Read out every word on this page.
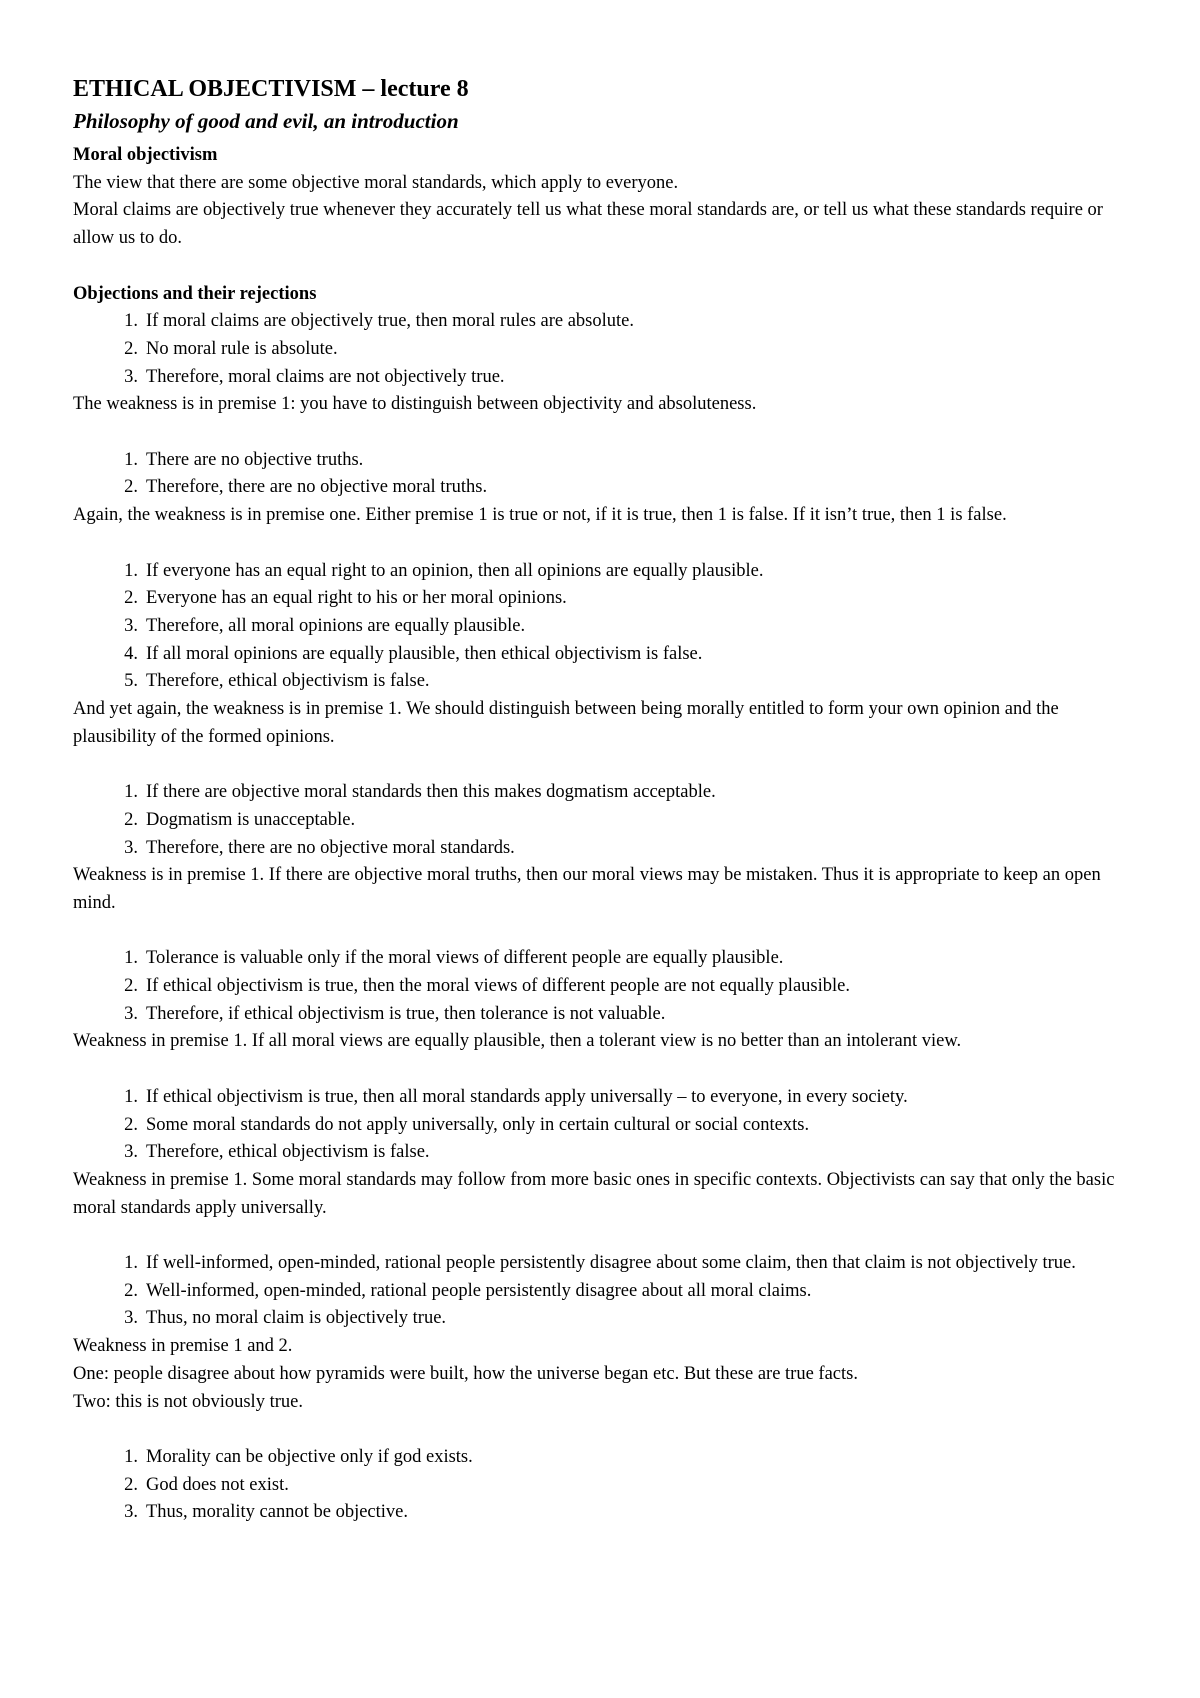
ETHICAL OBJECTIVISM – lecture 8

Philosophy of good and evil, an introduction

Moral objectivism

The view that there are some objective moral standards, which apply to everyone.

Moral claims are objectively true whenever they accurately tell us what these moral standards are, or tell us what these standards require or allow us to do.

Objections and their rejections

1. If moral claims are objectively true, then moral rules are absolute.
2. No moral rule is absolute.
3. Therefore, moral claims are not objectively true.

The weakness is in premise 1: you have to distinguish between objectivity and absoluteness.

1. There are no objective truths.
2. Therefore, there are no objective moral truths.

Again, the weakness is in premise one. Either premise 1 is true or not, if it is true, then 1 is false. If it isn’t true, then 1 is false.

1. If everyone has an equal right to an opinion, then all opinions are equally plausible.
2. Everyone has an equal right to his or her moral opinions.
3. Therefore, all moral opinions are equally plausible.
4. If all moral opinions are equally plausible, then ethical objectivism is false.
5. Therefore, ethical objectivism is false.

And yet again, the weakness is in premise 1. We should distinguish between being morally entitled to form your own opinion and the plausibility of the formed opinions.

1. If there are objective moral standards then this makes dogmatism acceptable.
2. Dogmatism is unacceptable.
3. Therefore, there are no objective moral standards.

Weakness is in premise 1. If there are objective moral truths, then our moral views may be mistaken. Thus it is appropriate to keep an open mind.

1. Tolerance is valuable only if the moral views of different people are equally plausible.
2. If ethical objectivism is true, then the moral views of different people are not equally plausible.
3. Therefore, if ethical objectivism is true, then tolerance is not valuable.

Weakness in premise 1. If all moral views are equally plausible, then a tolerant view is no better than an intolerant view.

1. If ethical objectivism is true, then all moral standards apply universally – to everyone, in every society.
2. Some moral standards do not apply universally, only in certain cultural or social contexts.
3. Therefore, ethical objectivism is false.

Weakness in premise 1. Some moral standards may follow from more basic ones in specific contexts. Objectivists can say that only the basic moral standards apply universally.

1. If well-informed, open-minded, rational people persistently disagree about some claim, then that claim is not objectively true.
2. Well-informed, open-minded, rational people persistently disagree about all moral claims.
3. Thus, no moral claim is objectively true.

Weakness in premise 1 and 2.

One: people disagree about how pyramids were built, how the universe began etc. But these are true facts.

Two: this is not obviously true.

1. Morality can be objective only if god exists.
2. God does not exist.
3. Thus, morality cannot be objective.
